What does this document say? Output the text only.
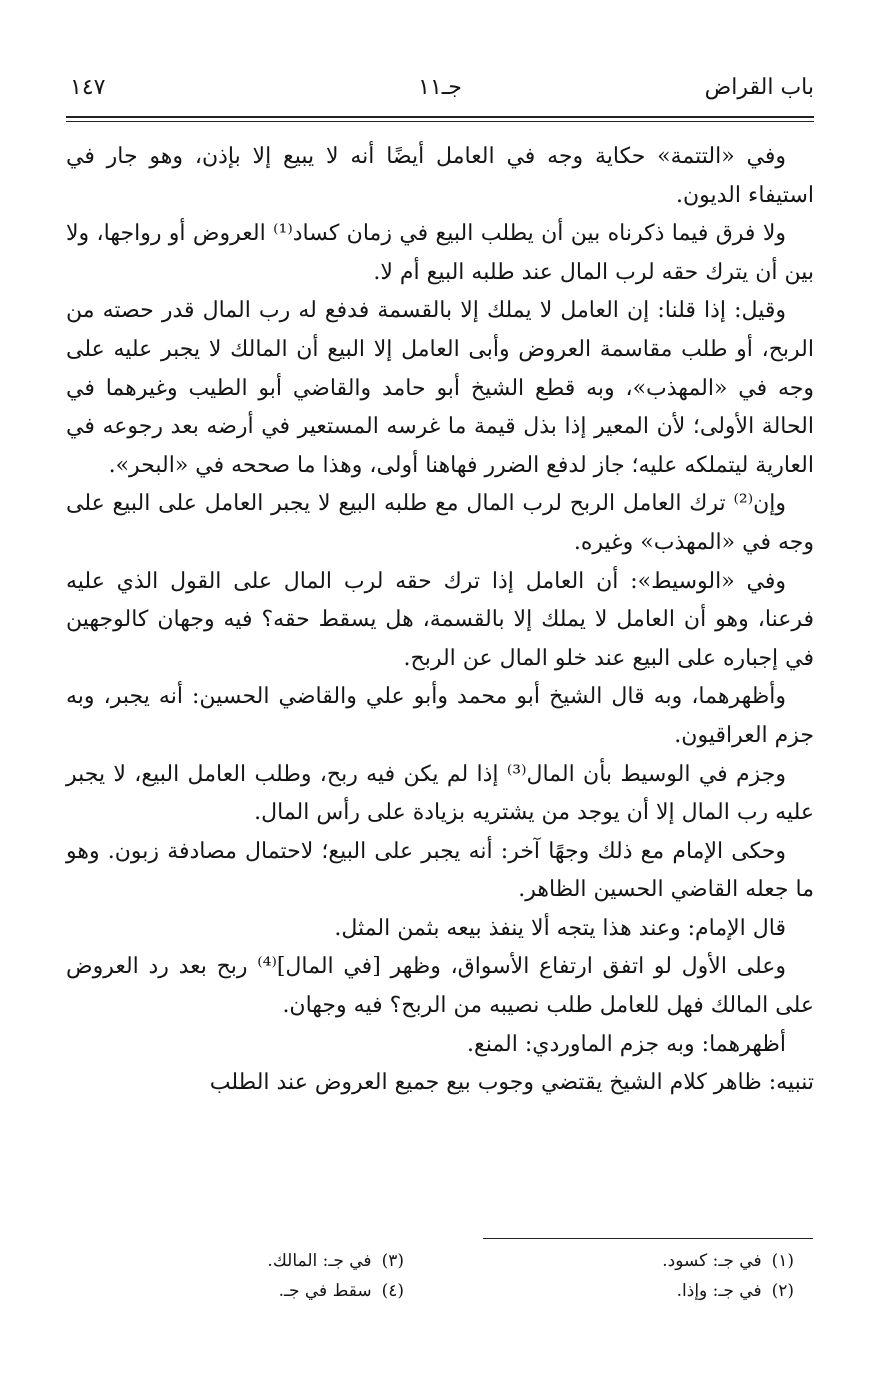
باب القراض
جـ١١
١٤٧

وفي «التتمة» حكاية وجه في العامل أيضًا أنه لا يبيع إلا بإذن، وهو جار في استيفاء الديون.

ولا فرق فيما ذكرناه بين أن يطلب البيع في زمان كساد⁽¹⁾ العروض أو رواجها، ولا بين أن يترك حقه لرب المال عند طلبه البيع أم لا.

وقيل: إذا قلنا: إن العامل لا يملك إلا بالقسمة فدفع له رب المال قدر حصته من الربح، أو طلب مقاسمة العروض وأبى العامل إلا البيع أن المالك لا يجبر عليه على وجه في «المهذب»، وبه قطع الشيخ أبو حامد والقاضي أبو الطيب وغيرهما في الحالة الأولى؛ لأن المعير إذا بذل قيمة ما غرسه المستعير في أرضه بعد رجوعه في العارية ليتملكه عليه؛ جاز لدفع الضرر فهاهنا أولى، وهذا ما صححه في «البحر».

وإن⁽²⁾ ترك العامل الربح لرب المال مع طلبه البيع لا يجبر العامل على البيع على وجه في «المهذب» وغيره.

وفي «الوسيط»: أن العامل إذا ترك حقه لرب المال على القول الذي عليه فرعنا، وهو أن العامل لا يملك إلا بالقسمة، هل يسقط حقه؟ فيه وجهان كالوجهين في إجباره على البيع عند خلو المال عن الربح.

وأظهرهما، وبه قال الشيخ أبو محمد وأبو علي والقاضي الحسين: أنه يجبر، وبه جزم العراقيون.

وجزم في الوسيط بأن المال⁽³⁾ إذا لم يكن فيه ربح، وطلب العامل البيع، لا يجبر عليه رب المال إلا أن يوجد من يشتريه بزيادة على رأس المال.

وحكى الإمام مع ذلك وجهًا آخر: أنه يجبر على البيع؛ لاحتمال مصادفة زبون. وهو ما جعله القاضي الحسين الظاهر.

قال الإمام: وعند هذا يتجه ألا ينفذ بيعه بثمن المثل.

وعلى الأول لو اتفق ارتفاع الأسواق، وظهر [في المال]⁽⁴⁾ ربح بعد رد العروض على المالك فهل للعامل طلب نصيبه من الربح؟ فيه وجهان.

أظهرهما: وبه جزم الماوردي: المنع.

تنبيه: ظاهر كلام الشيخ يقتضي وجوب بيع جميع العروض عند الطلب

(١)في جـ: كسود.
(٢)في جـ: وإذا.
(٣)في جـ: المالك.
(٤)سقط في جـ.
